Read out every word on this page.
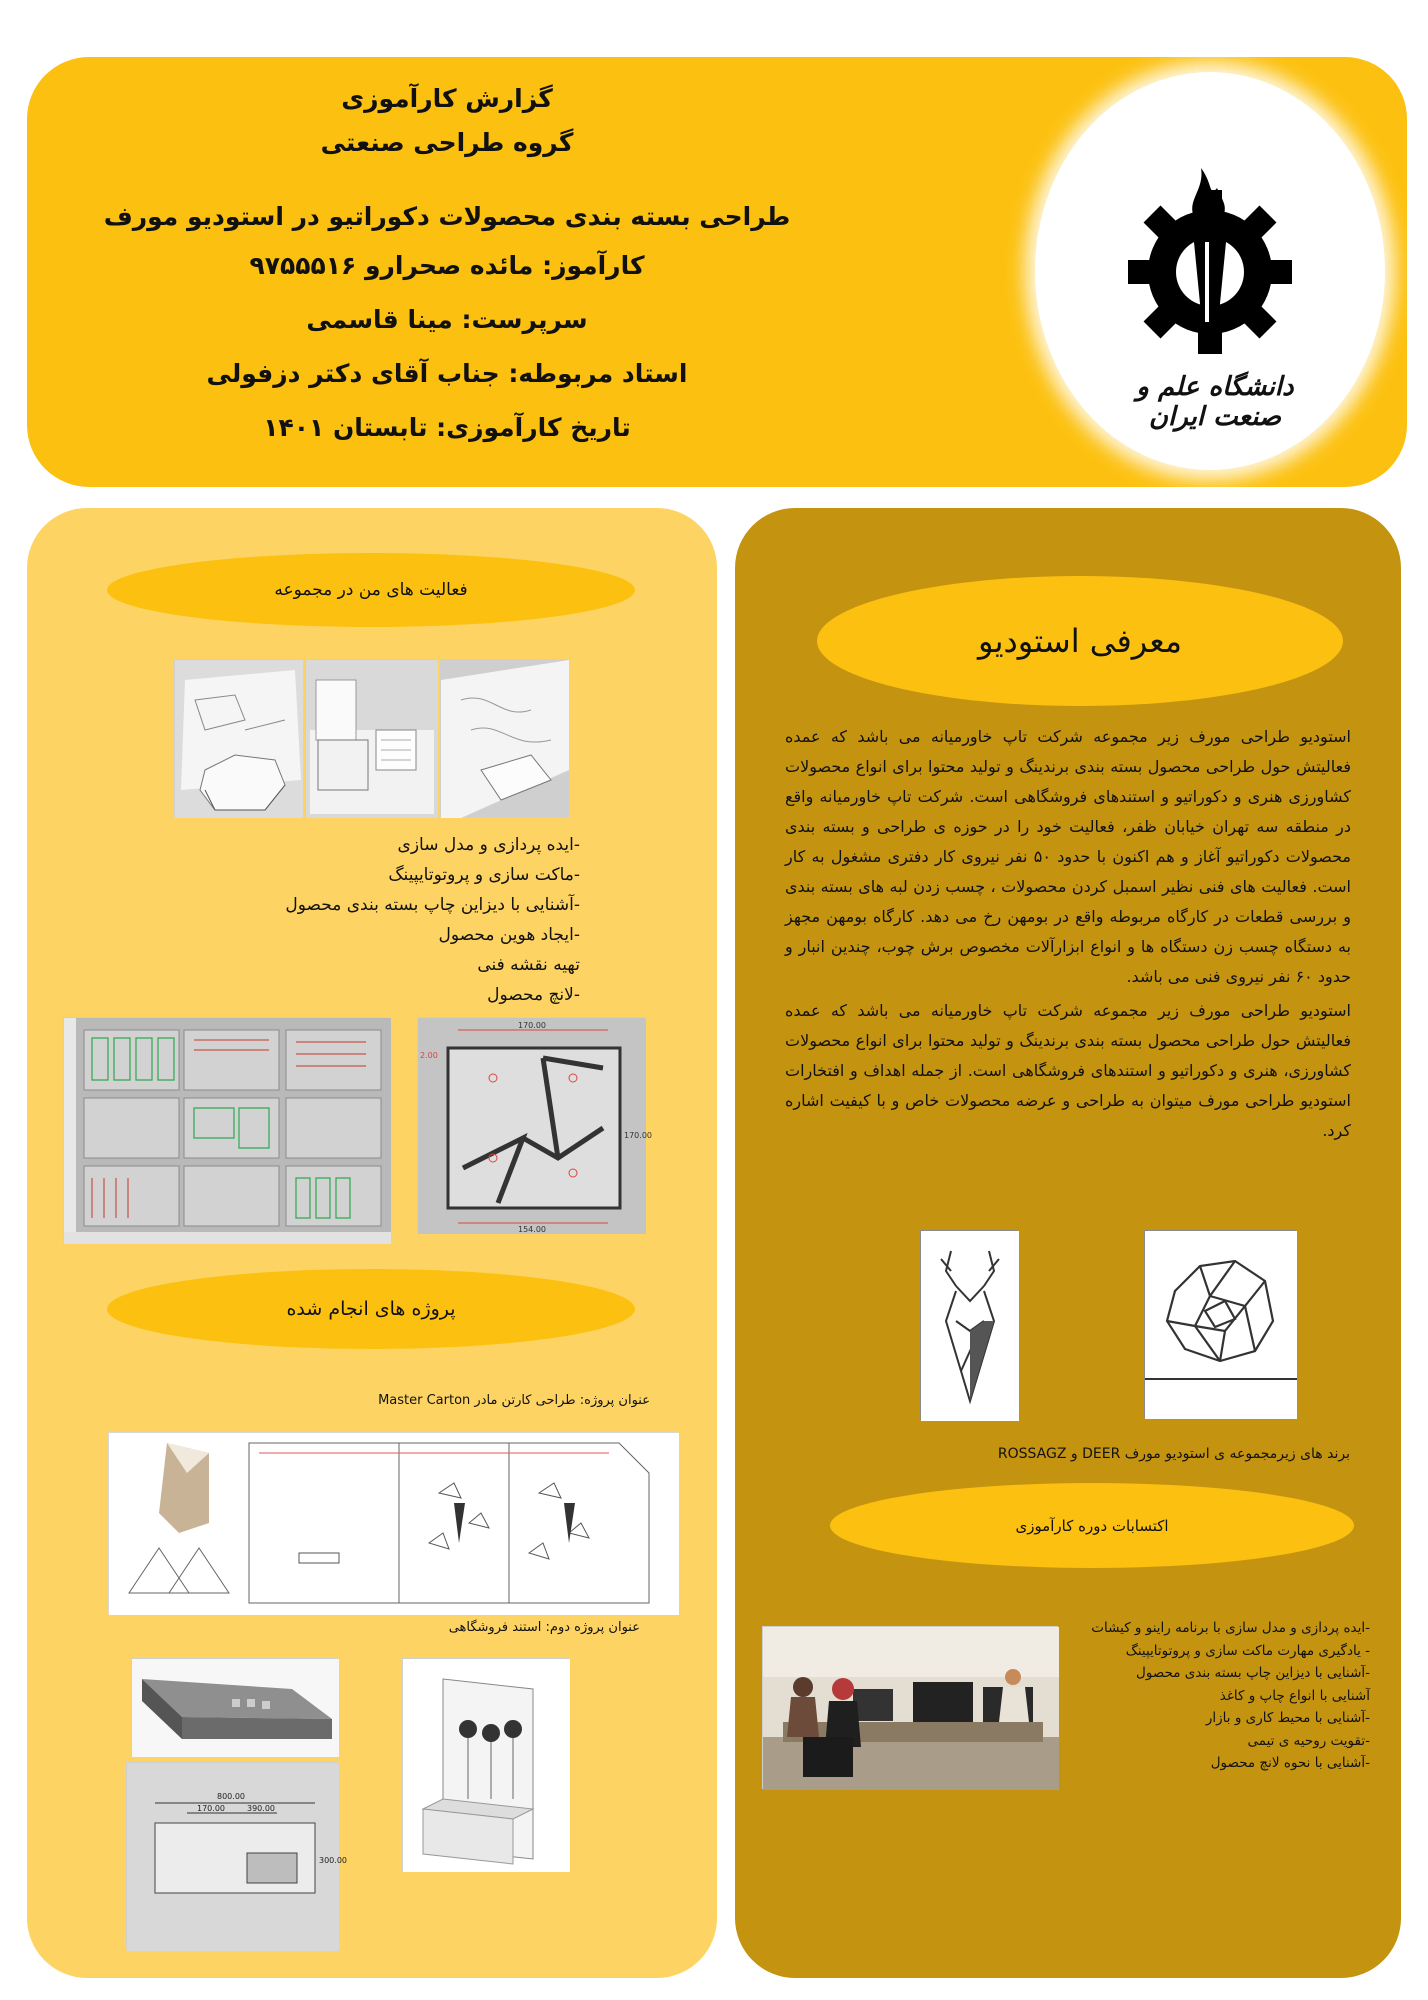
گزارش کارآموزی
گروه طراحی صنعتی
طراحی بسته بندی محصولات دکوراتیو در استودیو مورف
کارآموز: مائده صحرارو ۹۷۵۵۵۱۶
سرپرست: مینا قاسمی
استاد مربوطه: جناب آقای دکتر دزفولی
تاریخ کارآموزی: تابستان ۱۴۰۱
دانشگاه علم و صنعت ایران
فعالیت های من در مجموعه
-ایده پردازی و مدل سازی
-ماکت سازی و پروتوتایپینگ
-آشنایی با دیزاین چاپ بسته بندی محصول
-ایجاد هوین محصول
تهیه نقشه فنی
-لانچ محصول
170.00
154.00
170.00
2.00
پروژه های انجام شده
عنوان پروژه: طراحی کارتن مادر Master Carton
عنوان پروژه دوم: استند فروشگاهی
800.00
170.00	390.00
300.00
معرفی استودیو

استودیو طراحی مورف زیر مجموعه شرکت تاپ خاورمیانه می باشد که عمده فعالیتش حول طراحی محصول بسته بندی برندینگ و تولید محتوا برای انواع محصولات کشاورزی هنری و دکوراتیو و استندهای فروشگاهی است. شرکت تاپ خاورمیانه واقع در منطقه سه تهران خیابان ظفر، فعالیت خود را در حوزه ی طراحی و بسته بندی محصولات دکوراتیو آغاز و هم اکنون با حدود ۵۰ نفر نیروی کار دفتری مشغول به کار است. فعالیت های فنی نظیر اسمبل کردن محصولات ، چسب زدن لبه های بسته بندی و بررسی قطعات در کارگاه مربوطه واقع در بومهن رخ می دهد. کارگاه بومهن مجهز به دستگاه چسب زن دستگاه ها و انواع ابزارآلات مخصوص برش چوب، چندین انبار و حدود ۶۰ نفر نیروی فنی می باشد.

استودیو طراحی مورف زیر مجموعه شرکت تاپ خاورمیانه می باشد که عمده فعالیتش حول طراحی محصول بسته بندی برندینگ و تولید محتوا برای انواع محصولات کشاورزی، هنری و دکوراتیو و استندهای فروشگاهی است. از جمله اهداف و افتخارات استودیو طراحی مورف میتوان به طراحی و عرضه محصولات خاص و با کیفیت اشاره کرد.

برند های زیرمجموعه ی استودیو مورف DEER و ROSSAGZ
اکتسابات دوره کارآموزی
-ایده پردازی و مدل سازی با برنامه راینو و کیشات
- یادگیری مهارت ماکت سازی و پروتوتایپینگ
-آشنایی با دیزاین چاپ بسته بندی محصول
آشنایی با انواع چاپ و کاغذ
-آشنایی با محیط کاری و بازار
-تقویت روحیه ی تیمی
-آشنایی با نحوه لانچ محصول
